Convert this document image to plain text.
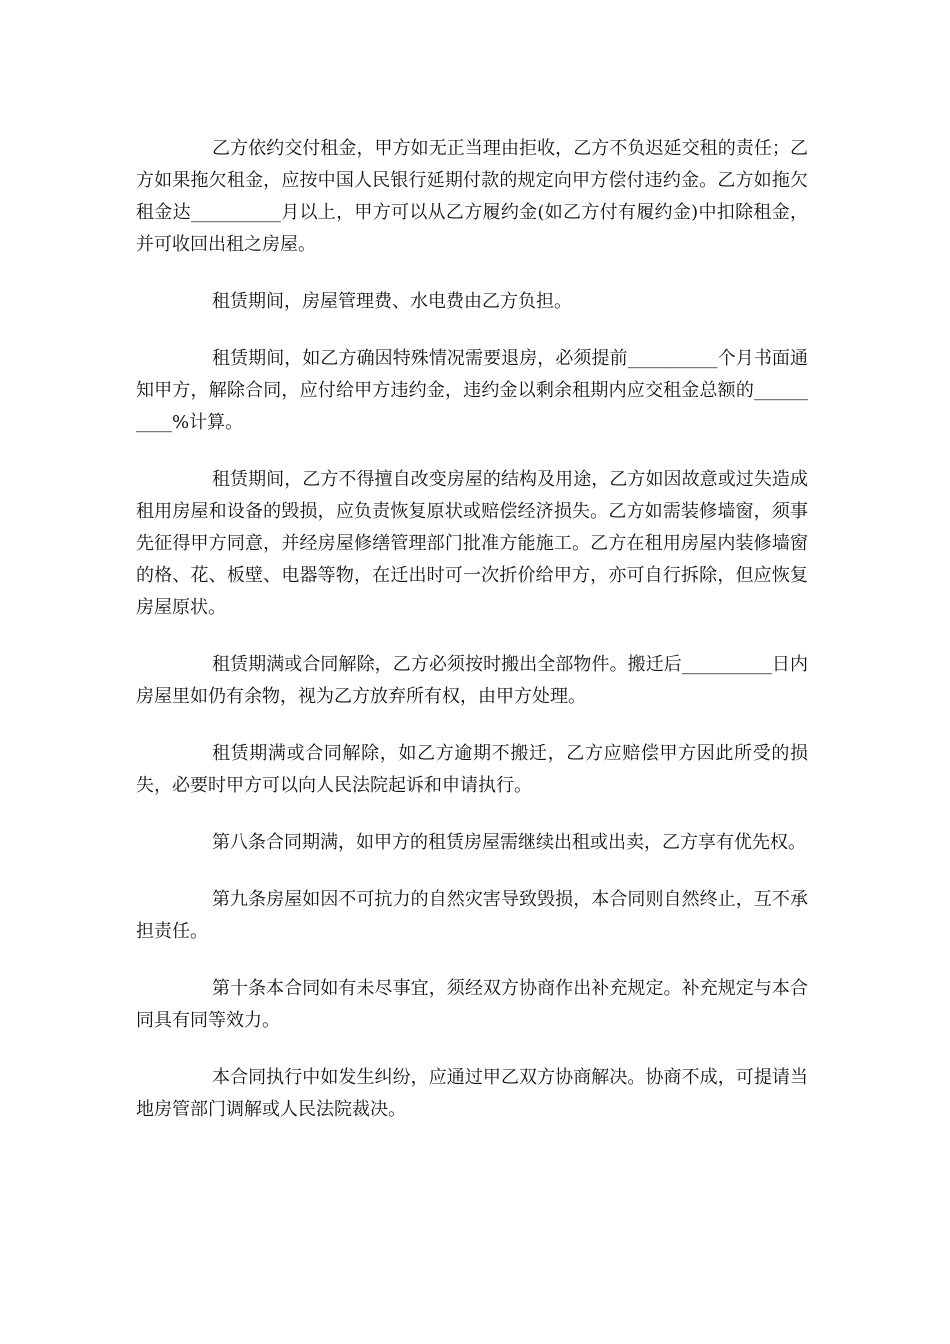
乙方依约交付租金，甲方如无正当理由拒收，乙方不负迟延交租的责任；乙方如果拖欠租金，应按中国人民银行延期付款的规定向甲方偿付违约金。乙方如拖欠租金达__________月以上，甲方可以从乙方履约金(如乙方付有履约金)中扣除租金，并可收回出租之房屋。

租赁期间，房屋管理费、水电费由乙方负担。

租赁期间，如乙方确因特殊情况需要退房，必须提前__________个月书面通知甲方，解除合同，应付给甲方违约金，违约金以剩余租期内应交租金总额的__________%计算。

租赁期间，乙方不得擅自改变房屋的结构及用途，乙方如因故意或过失造成租用房屋和设备的毁损，应负责恢复原状或赔偿经济损失。乙方如需装修墙窗，须事先征得甲方同意，并经房屋修缮管理部门批准方能施工。乙方在租用房屋内装修墙窗的格、花、板壁、电器等物，在迁出时可一次折价给甲方，亦可自行拆除，但应恢复房屋原状。

租赁期满或合同解除，乙方必须按时搬出全部物件。搬迁后__________日内房屋里如仍有余物，视为乙方放弃所有权，由甲方处理。

租赁期满或合同解除，如乙方逾期不搬迁，乙方应赔偿甲方因此所受的损失，必要时甲方可以向人民法院起诉和申请执行。

第八条合同期满，如甲方的租赁房屋需继续出租或出卖，乙方享有优先权。

第九条房屋如因不可抗力的自然灾害导致毁损，本合同则自然终止，互不承担责任。

第十条本合同如有未尽事宜，须经双方协商作出补充规定。补充规定与本合同具有同等效力。

本合同执行中如发生纠纷，应通过甲乙双方协商解决。协商不成，可提请当地房管部门调解或人民法院裁决。
